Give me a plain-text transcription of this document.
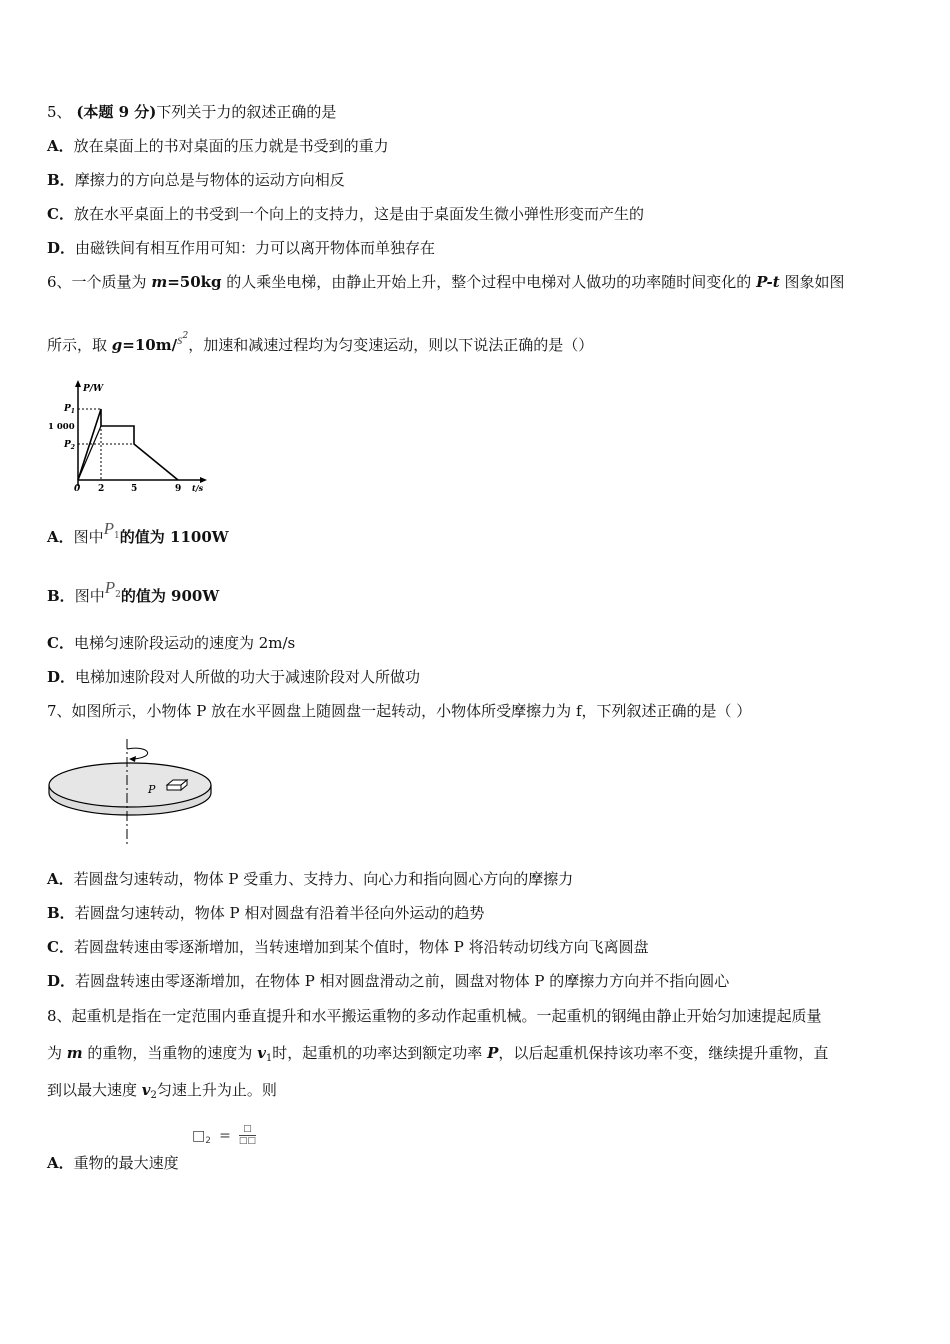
5、 (本题 9 分)下列关于力的叙述正确的是
A．放在桌面上的书对桌面的压力就是书受到的重力
B．摩擦力的方向总是与物体的运动方向相反
C．放在水平桌面上的书受到一个向上的支持力，这是由于桌面发生微小弹性形变而产生的
D．由磁铁间有相互作用可知：力可以离开物体而单独存在
6、一个质量为 m=50kg 的人乘坐电梯，由静止开始上升，整个过程中电梯对人做功的功率随时间变化的 P-t 图象如图
所示，取 $g=10m/s^2$，加速和减速过程均为匀变速运动，则以下说法正确的是（）
P/W
$P_1$
1 000
$P_2$
0 2	5	9 t/s
A．图中$P^1$的值为 1100W
B．图中$P^2$的值为 900W
C．电梯匀速阶段运动的速度为 2m/s
D．电梯加速阶段对人所做的功大于减速阶段对人所做功
7、如图所示，小物体 P 放在水平圆盘上随圆盘一起转动，小物体所受摩擦力为 f，下列叙述正确的是（ ）
P
A．若圆盘匀速转动，物体 P 受重力、支持力、向心力和指向圆心方向的摩擦力
B．若圆盘匀速转动，物体 P 相对圆盘有沿着半径向外运动的趋势
C．若圆盘转速由零逐渐增加，当转速增加到某个值时，物体 P 将沿转动切线方向飞离圆盘
D．若圆盘转速由零逐渐增加，在物体 P 相对圆盘滑动之前，圆盘对物体 P 的摩擦力方向并不指向圆心
8、起重机是指在一定范围内垂直提升和水平搬运重物的多动作起重机械。一起重机的钢绳由静止开始匀加速提起质量
为 m 的重物，当重物的速度为 $v_1$时，起重机的功率达到额定功率 P，以后起重机保持该功率不变，继续提升重物，直
到以最大速度 $v_2$匀速上升为止。则
□2 =	□
□□
A．重物的最大速度
